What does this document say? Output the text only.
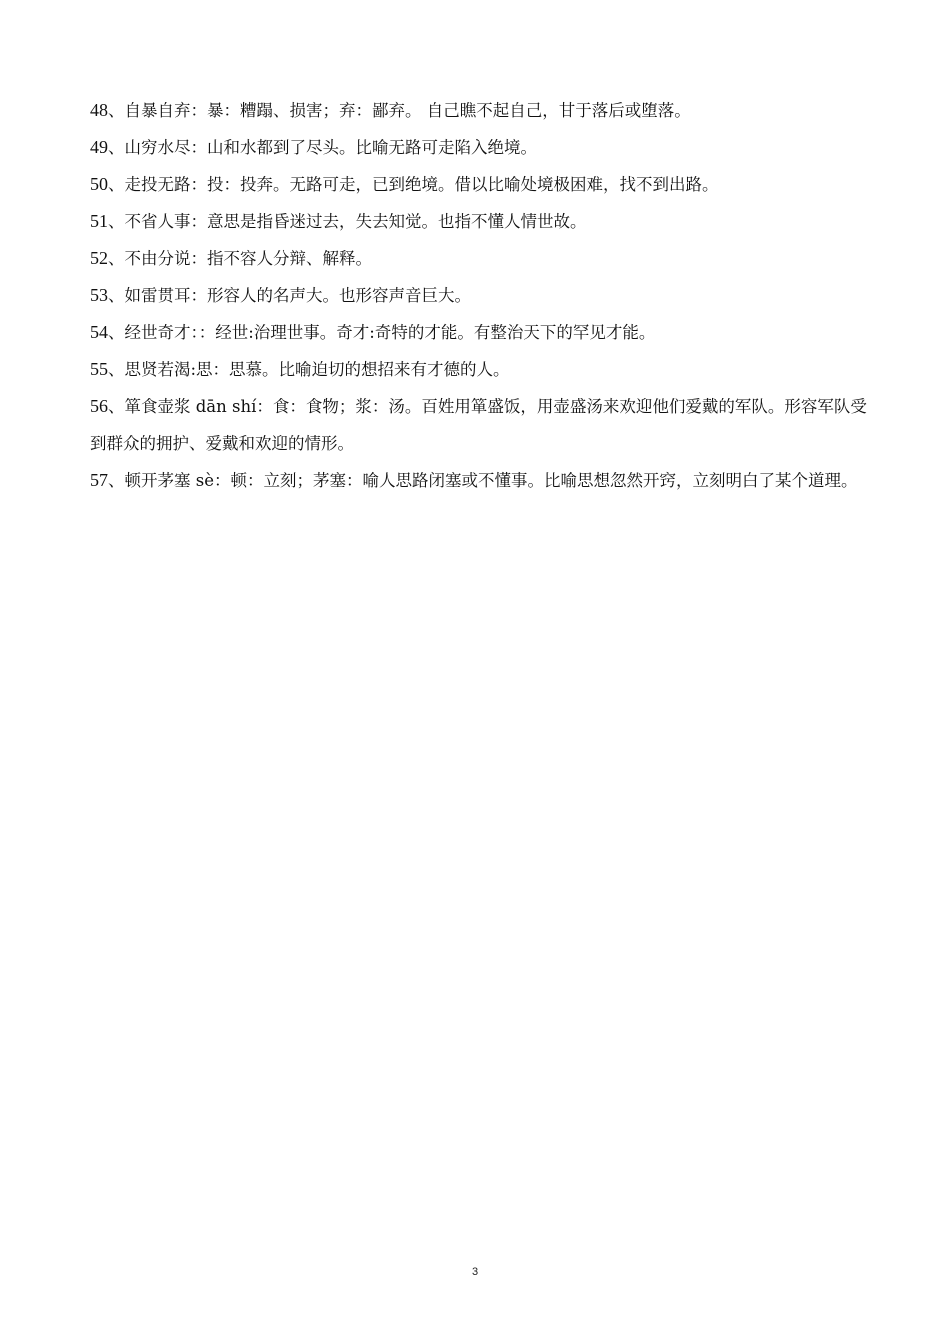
48、自暴自弃：暴：糟蹋、损害；弃：鄙弃。 自己瞧不起自己，甘于落后或堕落。

49、山穷水尽：山和水都到了尽头。比喻无路可走陷入绝境。

50、走投无路：投：投奔。无路可走，已到绝境。借以比喻处境极困难，找不到出路。

51、不省人事：意思是指昏迷过去，失去知觉。也指不懂人情世故。

52、不由分说：指不容人分辩、解释。

53、如雷贯耳：形容人的名声大。也形容声音巨大。

54、经世奇才：：经世:治理世事。奇才:奇特的才能。有整治天下的罕见才能。

55、思贤若渴:思：思慕。比喻迫切的想招来有才德的人。

56、箪食壶浆 dān shí：食：食物；浆：汤。百姓用箪盛饭，用壶盛汤来欢迎他们爱戴的军队。形容军队受到群众的拥护、爱戴和欢迎的情形。

57、顿开茅塞 sè：顿：立刻；茅塞：喻人思路闭塞或不懂事。比喻思想忽然开窍，立刻明白了某个道理。

3
